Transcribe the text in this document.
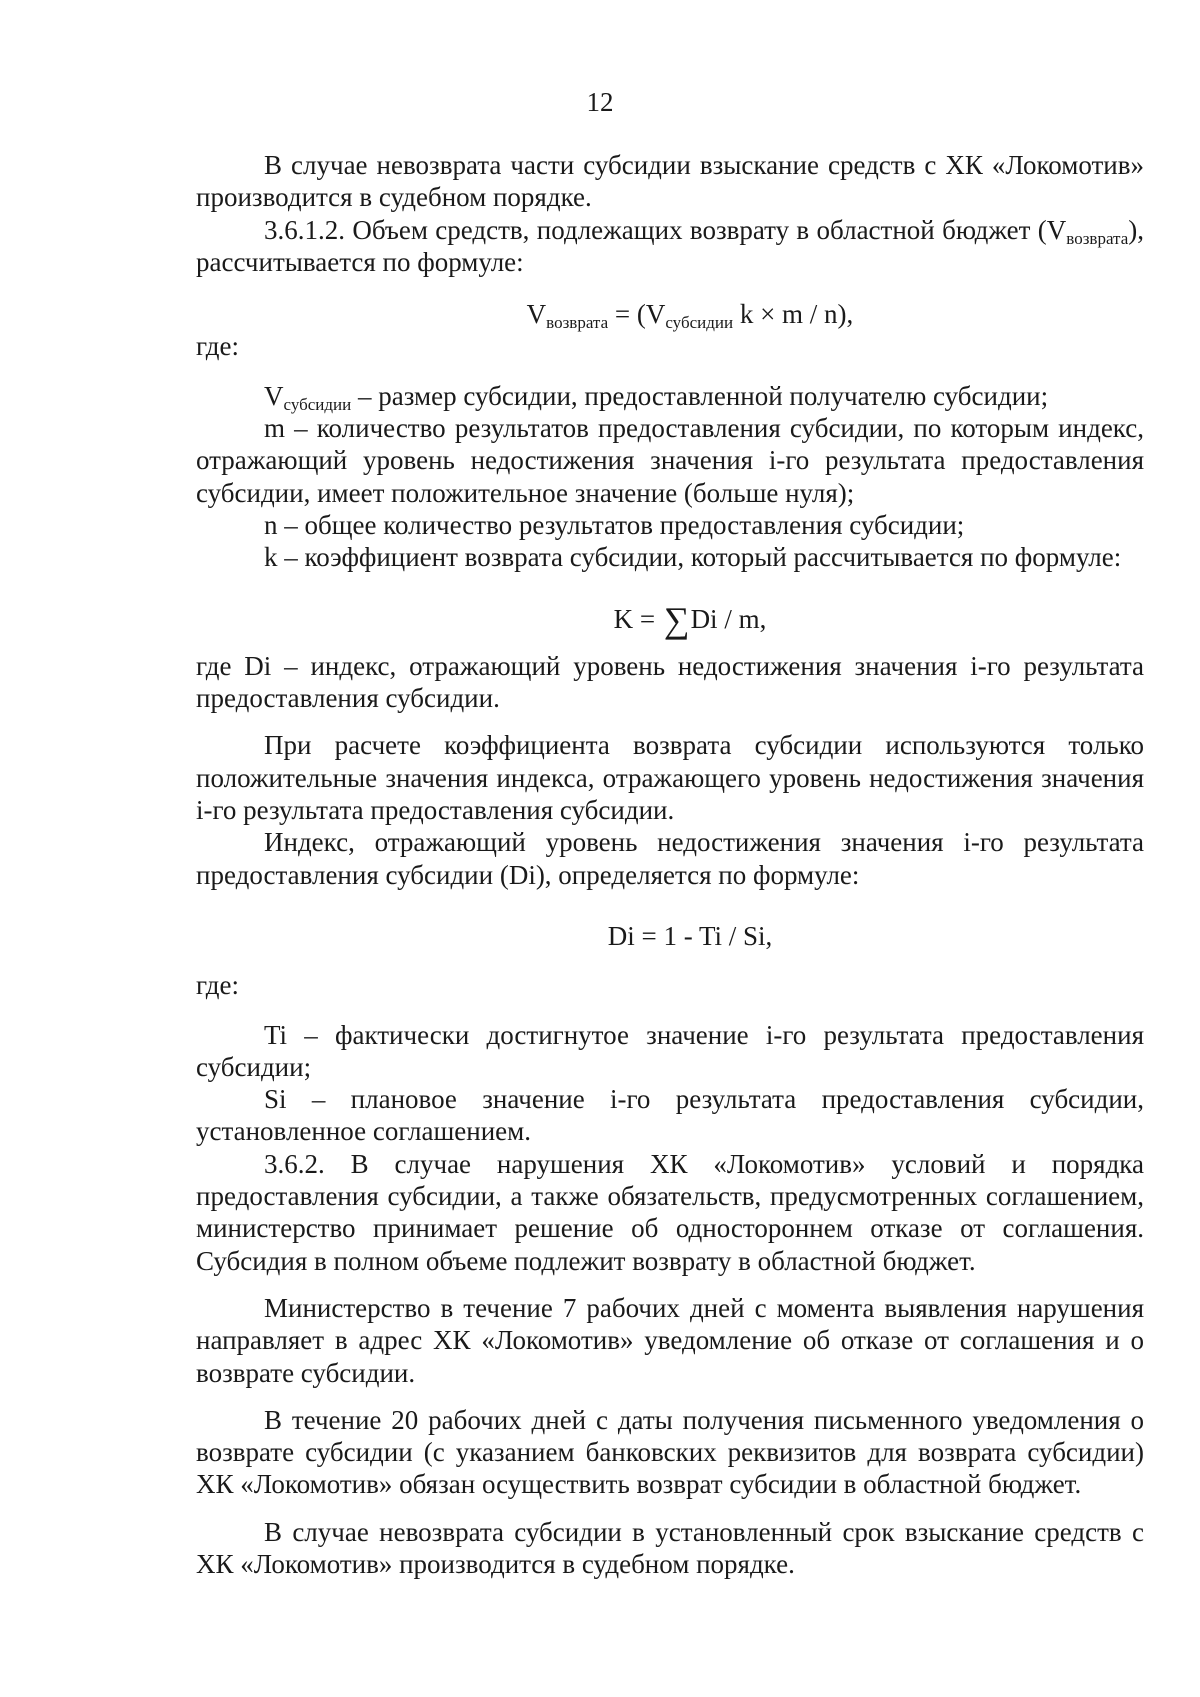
12

В случае невозврата части субсидии взыскание средств с ХК «Локомотив» производится в судебном порядке.

3.6.1.2. Объем средств, подлежащих возврату в областной бюджет $(V_{возврата})$, рассчитывается по формуле:

$V_{возврата} = (V_{субсидии}$ k × m / n),

где:

$V_{субсидии}$ – размер субсидии, предоставленной получателю субсидии;

m – количество результатов предоставления субсидии, по которым индекс, отражающий уровень недостижения значения i-го результата предоставления субсидии, имеет положительное значение (больше нуля);

n – общее количество результатов предоставления субсидии;

k – коэффициент возврата субсидии, который рассчитывается по формуле:

K = ∑Di / m,

где Di – индекс, отражающий уровень недостижения значения i-го результата предоставления субсидии.

При расчете коэффициента возврата субсидии используются только положительные значения индекса, отражающего уровень недостижения значения i-го результата предоставления субсидии.

Индекс, отражающий уровень недостижения значения i-го результата предоставления субсидии (Di), определяется по формуле:

Di = 1 - Ti / Si,

где:

Ti – фактически достигнутое значение i-го результата предоставления субсидии;

Si – плановое значение i-го результата предоставления субсидии, установленное соглашением.

3.6.2. В случае нарушения ХК «Локомотив» условий и порядка предоставления субсидии, а также обязательств, предусмотренных соглашением, министерство принимает решение об одностороннем отказе от соглашения. Субсидия в полном объеме подлежит возврату в областной бюджет.

Министерство в течение 7 рабочих дней с момента выявления нарушения направляет в адрес ХК «Локомотив» уведомление об отказе от соглашения и о возврате субсидии.

В течение 20 рабочих дней с даты получения письменного уведомления о возврате субсидии (с указанием банковских реквизитов для возврата субсидии) ХК «Локомотив» обязан осуществить возврат субсидии в областной бюджет.

В случае невозврата субсидии в установленный срок взыскание средств с ХК «Локомотив» производится в судебном порядке.
